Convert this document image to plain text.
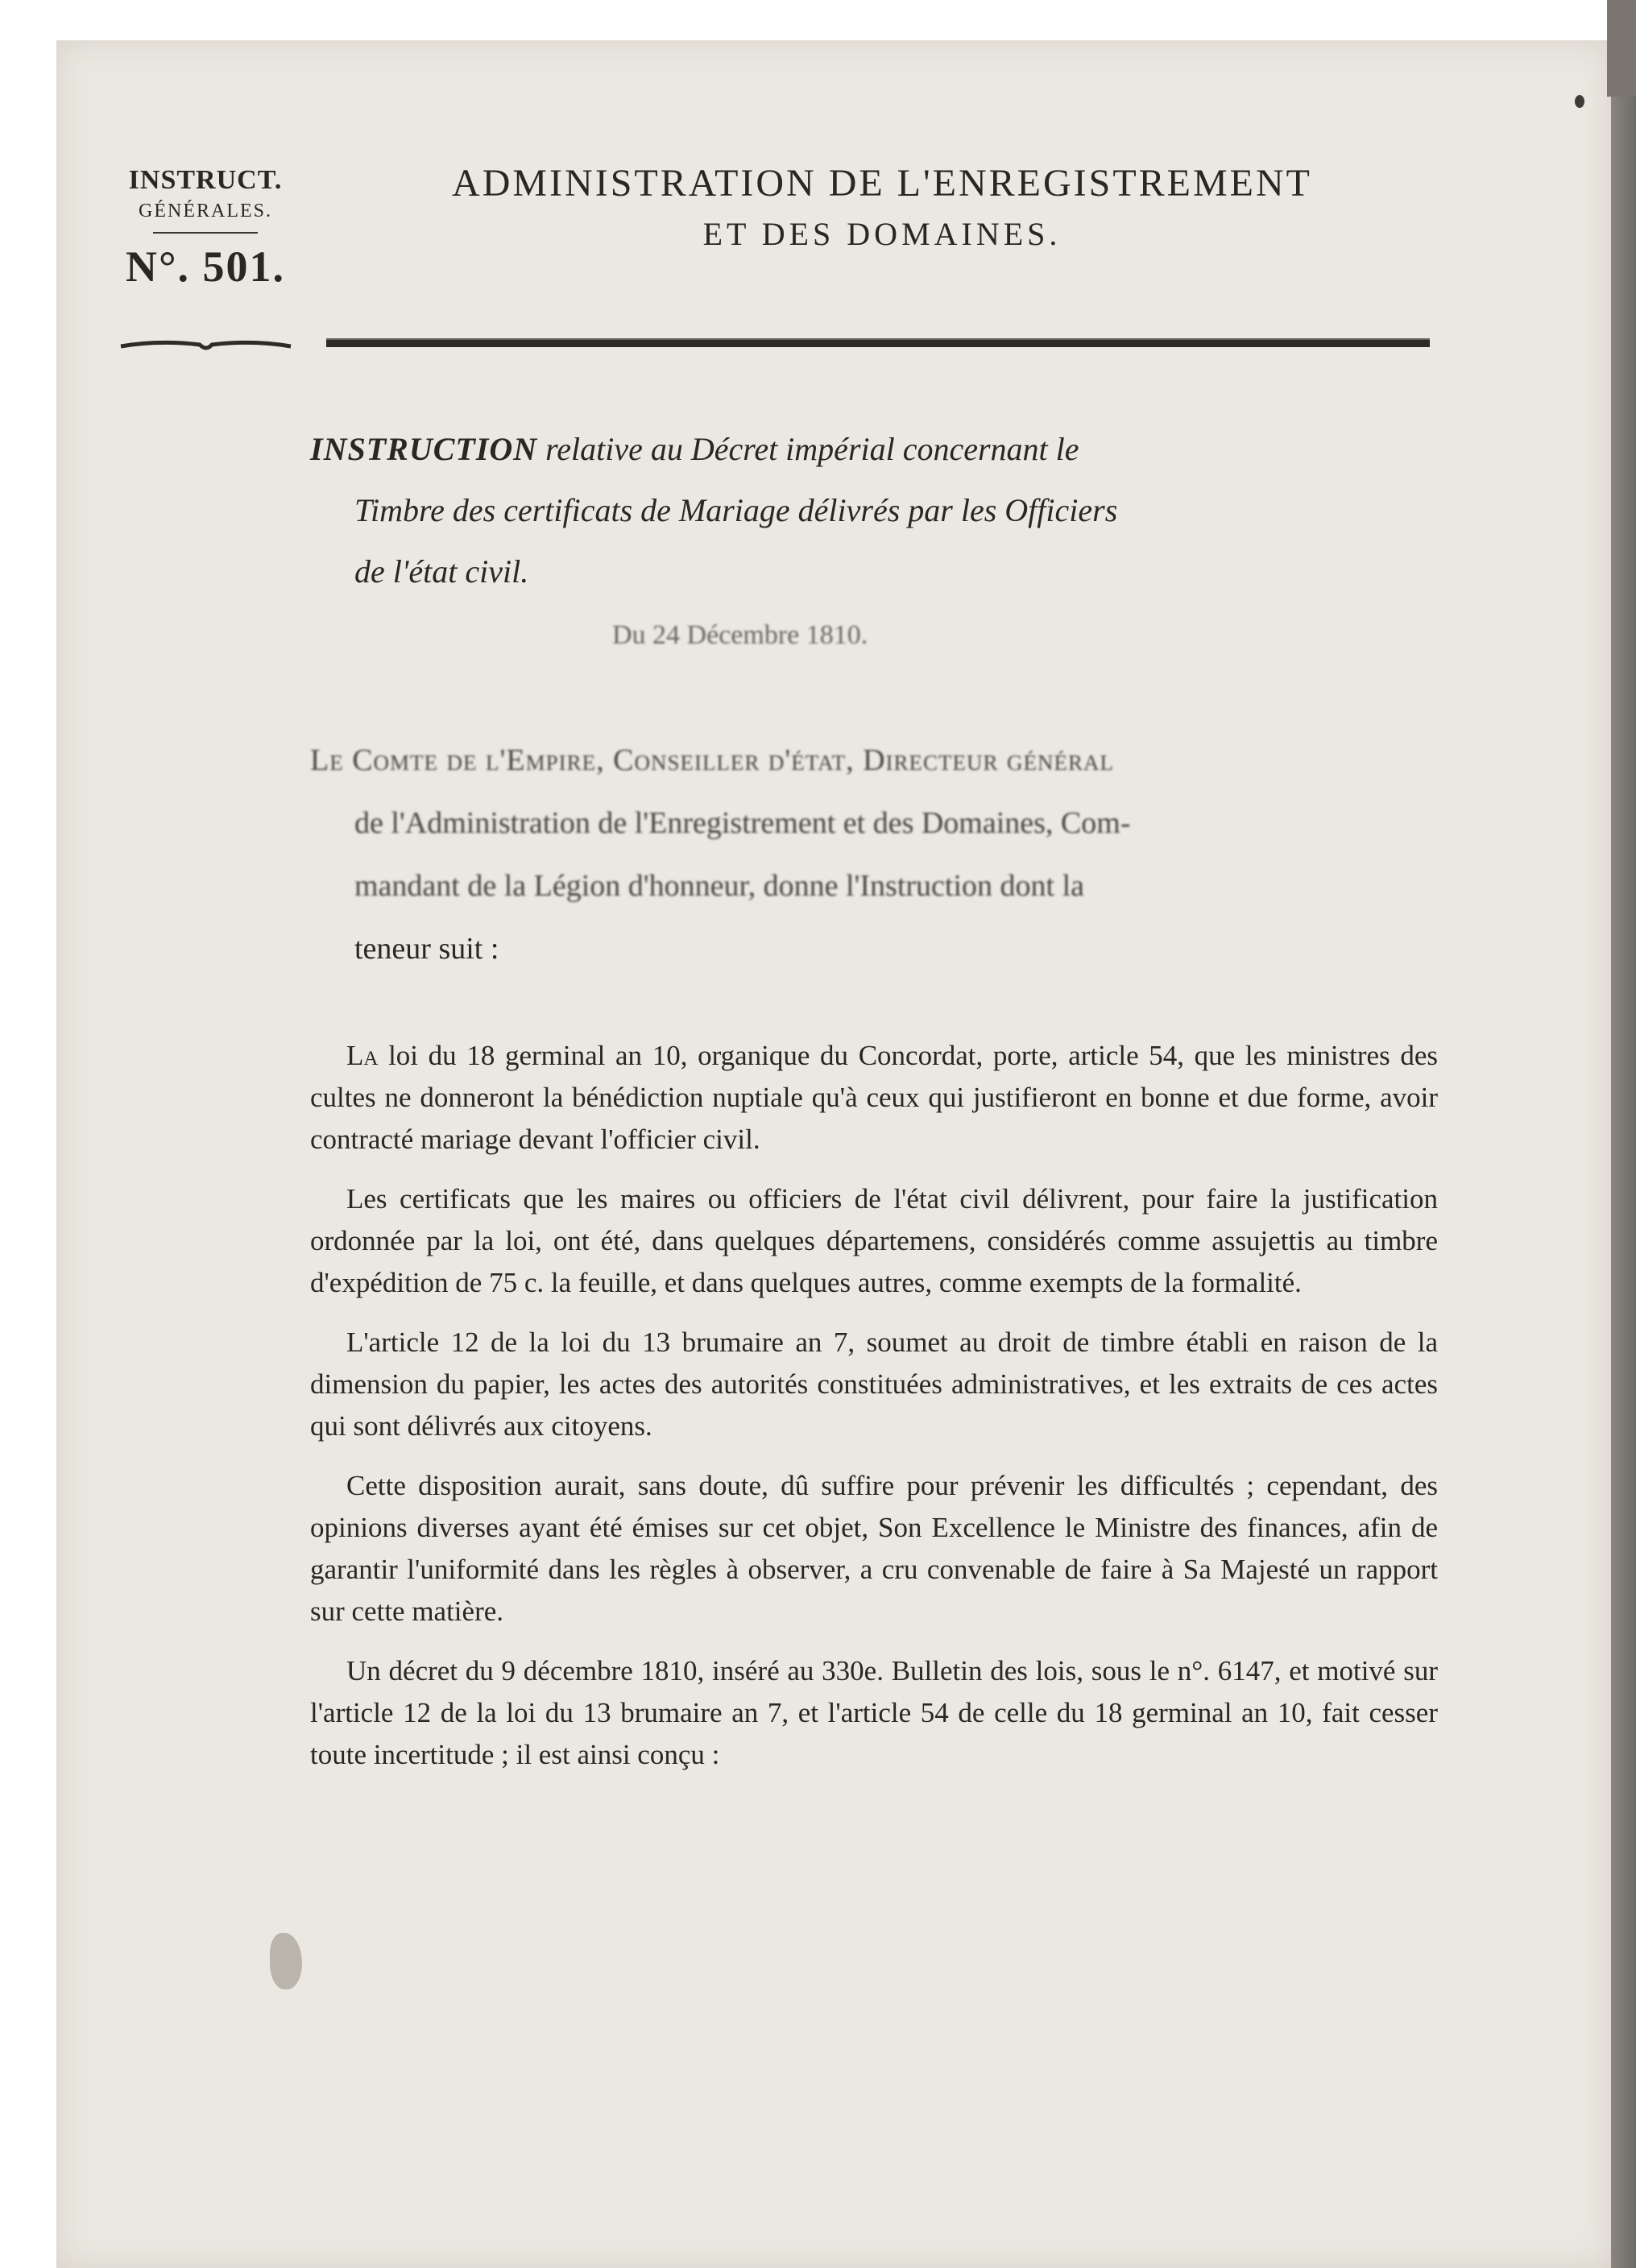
INSTRUCT.
GÉNÉRALES.
N°. 501.
ADMINISTRATION DE L'ENREGISTREMENT
ET DES DOMAINES.
INSTRUCTION relative au Décret impérial concernant le
Timbre des certificats de Mariage délivrés par les Officiers
de l'état civil.
Du 24 Décembre 1810.
Le Comte de l'Empire, Conseiller d'état, Directeur général
de l'Administration de l'Enregistrement et des Domaines, Com-
mandant de la Légion d'honneur, donne l'Instruction dont la
teneur suit :

La loi du 18 germinal an 10, organique du Concordat, porte, article 54, que les ministres des cultes ne donneront la bénédiction nuptiale qu'à ceux qui justifieront en bonne et due forme, avoir contracté mariage devant l'officier civil.

Les certificats que les maires ou officiers de l'état civil délivrent, pour faire la justification ordonnée par la loi, ont été, dans quelques départemens, considérés comme assujettis au timbre d'expédition de 75 c. la feuille, et dans quelques autres, comme exempts de la formalité.

L'article 12 de la loi du 13 brumaire an 7, soumet au droit de timbre établi en raison de la dimension du papier, les actes des autorités constituées administratives, et les extraits de ces actes qui sont délivrés aux citoyens.

Cette disposition aurait, sans doute, dû suffire pour prévenir les difficultés ; cependant, des opinions diverses ayant été émises sur cet objet, Son Excellence le Ministre des finances, afin de garantir l'uniformité dans les règles à observer, a cru convenable de faire à Sa Majesté un rapport sur cette matière.

Un décret du 9 décembre 1810, inséré au 330e. Bulletin des lois, sous le n°. 6147, et motivé sur l'article 12 de la loi du 13 brumaire an 7, et l'article 54 de celle du 18 germinal an 10, fait cesser toute incertitude ; il est ainsi conçu :
